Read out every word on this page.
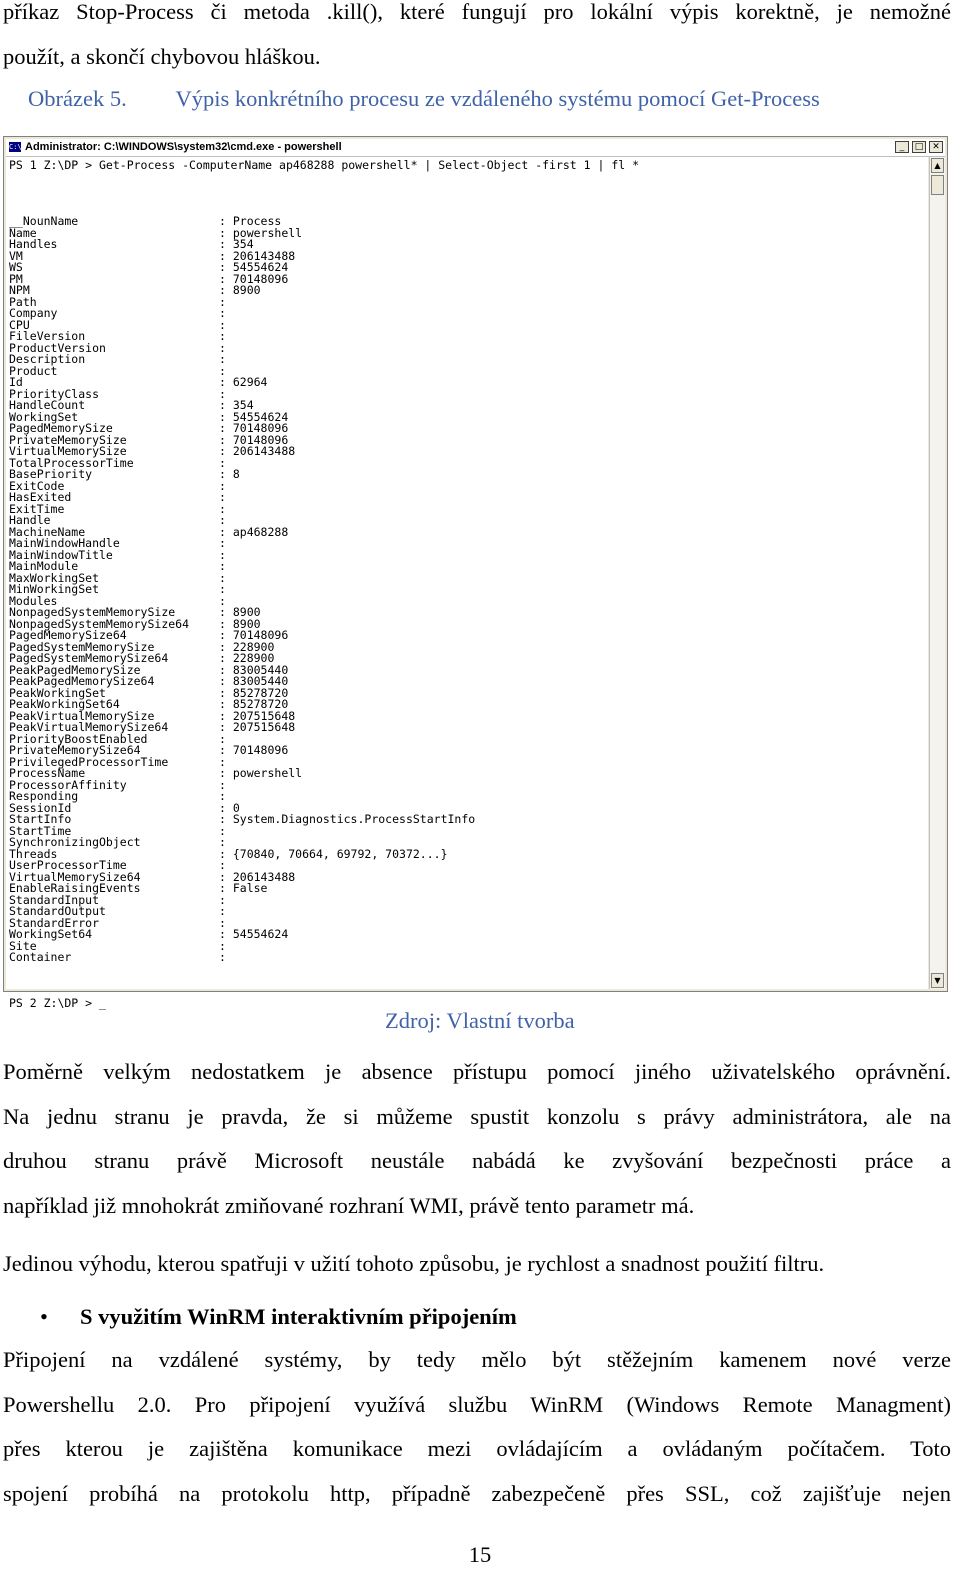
příkaz Stop-Process či metoda .kill(), které fungují pro lokální výpis korektně, je nemožné
použít, a skončí chybovou hláškou.
Obrázek 5. Výpis konkrétního procesu ze vzdáleného systému pomocí Get-Process
C:\ Administrator: C:\WINDOWS\system32\cmd.exe - powershell	_	□ ✕
PS 1 Z:\DP > Get-Process -ComputerName ap468288 powershell* | Select-Object -first 1 | fl *
PS 2 Z:\DP > _
__NounName	: Process
Name	: powershell
Handles	: 354
VM	: 206143488
WS	: 54554624
PM	: 70148096
NPM	: 8900
Path	:
Company	:
CPU	:
FileVersion	:
ProductVersion	:
Description	:
Product	:
Id	: 62964
PriorityClass	:
HandleCount	: 354
WorkingSet	: 54554624
PagedMemorySize	: 70148096
PrivateMemorySize	: 70148096
VirtualMemorySize	: 206143488
TotalProcessorTime	:
BasePriority	: 8
ExitCode	:
HasExited	:
ExitTime	:
Handle	:
MachineName	: ap468288
MainWindowHandle	:
MainWindowTitle	:
MainModule	:
MaxWorkingSet	:
MinWorkingSet	:
Modules	:
NonpagedSystemMemorySize	: 8900
NonpagedSystemMemorySize64	: 8900
PagedMemorySize64	: 70148096
PagedSystemMemorySize	: 228900
PagedSystemMemorySize64	: 228900
PeakPagedMemorySize	: 83005440
PeakPagedMemorySize64	: 83005440
PeakWorkingSet	: 85278720
PeakWorkingSet64	: 85278720
PeakVirtualMemorySize	: 207515648
PeakVirtualMemorySize64	: 207515648
PriorityBoostEnabled	:
PrivateMemorySize64	: 70148096
PrivilegedProcessorTime	:
ProcessName	: powershell
ProcessorAffinity	:
Responding	:
SessionId	: 0
StartInfo	: System.Diagnostics.ProcessStartInfo
StartTime	:
SynchronizingObject	:
Threads	: {70840, 70664, 69792, 70372...}
UserProcessorTime	:
VirtualMemorySize64	: 206143488
EnableRaisingEvents	: False
StandardInput	:
StandardOutput	:
StandardError	:
WorkingSet64	: 54554624
Site	:
Container	:
▲
▼
Zdroj: Vlastní tvorba
Poměrně velkým nedostatkem je absence přístupu pomocí jiného uživatelského oprávnění.
Na jednu stranu je pravda, že si můžeme spustit konzolu s právy administrátora, ale na
druhou stranu právě Microsoft neustále nabádá ke zvyšování bezpečnosti práce a
například již mnohokrát zmiňované rozhraní WMI, právě tento parametr má.
Jedinou výhodu, kterou spatřuji v užití tohoto způsobu, je rychlost a snadnost použití filtru.
• S využitím WinRM interaktivním připojením
Připojení na vzdálené systémy, by tedy mělo být stěžejním kamenem nové verze
Powershellu 2.0. Pro připojení využívá službu WinRM (Windows Remote Managment)
přes kterou je zajištěna komunikace mezi ovládajícím a ovládaným počítačem. Toto
spojení probíhá na protokolu http, případně zabezpečeně přes SSL, což zajišťuje nejen
15
